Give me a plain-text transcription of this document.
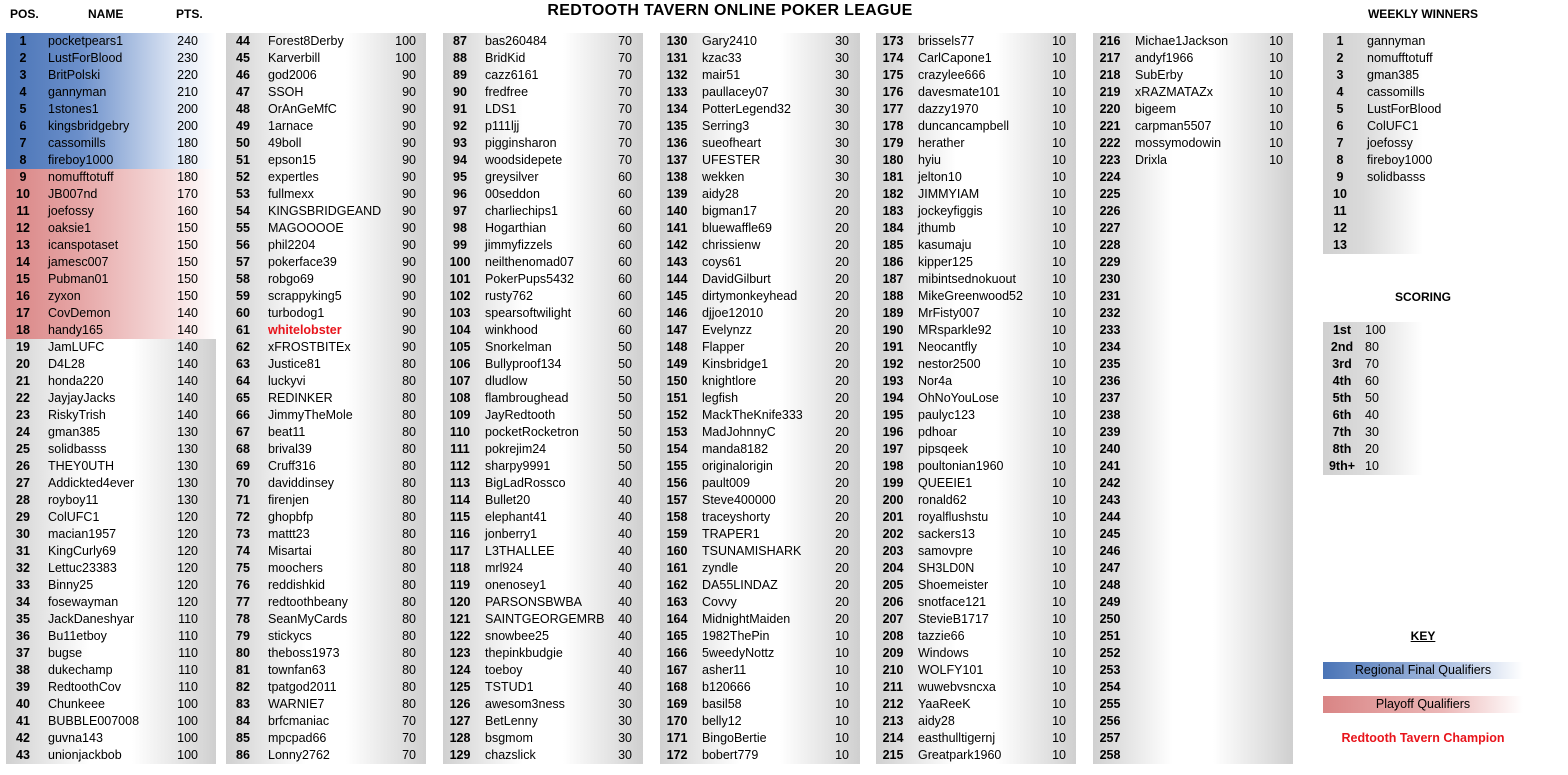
REDTOOTH TAVERN ONLINE POKER LEAGUE
POS.	NAME	PTS.
1	pocketpears1	240
2	LustForBlood	230
3	BritPolski	220
4	gannyman	210
5	1stones1	200
6	kingsbridgebry	200
7	cassomills	180
8	fireboy1000	180
9	nomufftotuff	180
10	JB007nd	170
11	joefossy	160
12	oaksie1	150
13	icanspotaset	150
14	jamesc007	150
15	Pubman01	150
16	zyxon	150
17	CovDemon	140
18	handy165	140
19	JamLUFC	140
20	D4L28	140
21	honda220	140
22	JayjayJacks	140
23	RiskyTrish	140
24	gman385	130
25	solidbasss	130
26	THEY0UTH	130
27	Addickted4ever	130
28	royboy11	130
29	ColUFC1	120
30	macian1957	120
31	KingCurly69	120
32	Lettuc23383	120
33	Binny25	120
34	fosewayman	120
35	JackDaneshyar	110
36	Bu11etboy	110
37	bugse	110
38	dukechamp	110
39	RedtoothCov	110
40	Chunkeee	100
41	BUBBLE007008	100
42	guvna143	100
43	unionjackbob	100
44	Forest8Derby	100
45	Karverbill	100
46	god2006	90
47	SSOH	90
48	OrAnGeMfC	90
49	1arnace	90
50	49boll	90
51	epson15	90
52	expertles	90
53	fullmexx	90
54	KINGSBRIDGEAND	90
55	MAGOOOOE	90
56	phil2204	90
57	pokerface39	90
58	robgo69	90
59	scrappyking5	90
60	turbodog1	90
61	whitelobster	90
62	xFROSTBITEx	90
63	Justice81	80
64	luckyvi	80
65	REDINKER	80
66	JimmyTheMole	80
67	beat11	80
68	brival39	80
69	Cruff316	80
70	daviddinsey	80
71	firenjen	80
72	ghopbfp	80
73	mattt23	80
74	Misartai	80
75	moochers	80
76	reddishkid	80
77	redtoothbeany	80
78	SeanMyCards	80
79	stickycs	80
80	theboss1973	80
81	townfan63	80
82	tpatgod2011	80
83	WARNIE7	80
84	brfcmaniac	70
85	mpcpad66	70
86	Lonny2762	70
87	bas260484	70
88	BridKid	70
89	cazz6161	70
90	fredfree	70
91	LDS1	70
92	p111ljj	70
93	pigginsharon	70
94	woodsidepete	70
95	greysilver	60
96	00seddon	60
97	charliechips1	60
98	Hogarthian	60
99	jimmyfizzels	60
100	neilthenomad07	60
101	PokerPups5432	60
102	rusty762	60
103	spearsoftwilight	60
104	winkhood	60
105	Snorkelman	50
106	Bullyproof134	50
107	dludlow	50
108	flambroughead	50
109	JayRedtooth	50
110	pocketRocketron	50
111	pokrejim24	50
112	sharpy9991	50
113	BigLadRossco	40
114	Bullet20	40
115	elephant41	40
116	jonberry1	40
117	L3THALLEE	40
118	mrl924	40
119	onenosey1	40
120	PARSONSBWBA	40
121	SAINTGEORGEMRB	40
122	snowbee25	40
123	thepinkbudgie	40
124	toeboy	40
125	TSTUD1	40
126	awesom3ness	30
127	BetLenny	30
128	bsgmom	30
129	chazslick	30
130	Gary2410	30
131	kzac33	30
132	mair51	30
133	paullacey07	30
134	PotterLegend32	30
135	Serring3	30
136	sueofheart	30
137	UFESTER	30
138	wekken	30
139	aidy28	20
140	bigman17	20
141	bluewaffle69	20
142	chrissienw	20
143	coys61	20
144	DavidGilburt	20
145	dirtymonkeyhead	20
146	djjoe12010	20
147	Evelynzz	20
148	Flapper	20
149	Kinsbridge1	20
150	knightlore	20
151	legfish	20
152	MackTheKnife333	20
153	MadJohnnyC	20
154	manda8182	20
155	originalorigin	20
156	pault009	20
157	Steve400000	20
158	traceyshorty	20
159	TRAPER1	20
160	TSUNAMISHARK	20
161	zyndle	20
162	DA55LINDAZ	20
163	Covvy	20
164	MidnightMaiden	20
165	1982ThePin	10
166	5weedyNottz	10
167	asher11	10
168	b120666	10
169	basil58	10
170	belly12	10
171	BingoBertie	10
172	bobert779	10
173	brissels77	10
174	CarlCapone1	10
175	crazylee666	10
176	davesmate101	10
177	dazzy1970	10
178	duncancampbell	10
179	herather	10
180	hyiu	10
181	jelton10	10
182	JIMMYIAM	10
183	jockeyfiggis	10
184	jthumb	10
185	kasumaju	10
186	kipper125	10
187	mibintsednokuout	10
188	MikeGreenwood52	10
189	MrFisty007	10
190	MRsparkle92	10
191	Neocantfly	10
192	nestor2500	10
193	Nor4a	10
194	OhNoYouLose	10
195	paulyc123	10
196	pdhoar	10
197	pipsqeek	10
198	poultonian1960	10
199	QUEEIE1	10
200	ronald62	10
201	royalflushstu	10
202	sackers13	10
203	samovpre	10
204	SH3LD0N	10
205	Shoemeister	10
206	snotface121	10
207	StevieB1717	10
208	tazzie66	10
209	Windows	10
210	WOLFY101	10
211	wuwebvsncxa	10
212	YaaReeK	10
213	aidy28	10
214	easthulltigernj	10
215	Greatpark1960	10
216	Michae1Jackson	10
217	andyf1966	10
218	SubErby	10
219	xRAZMATAZx	10
220	bigeem	10
221	carpman5507	10
222	mossymodowin	10
223	Drixla	10
224
225
226
227
228
229
230
231
232
233
234
235
236
237
238
239
240
241
242
243
244
245
246
247
248
249
250
251
252
253
254
255
256
257
258
WEEKLY WINNERS
1	gannyman
2	nomufftotuff
3	gman385
4	cassomills
5	LustForBlood
6	ColUFC1
7	joefossy
8	fireboy1000
9	solidbasss
10
11
12
13
SCORING
1st	100
2nd 80
3rd	70
4th	60
5th	50
6th	40
7th	30
8th	20
9th+ 10
KEY
Regional Final Qualifiers
Playoff Qualifiers
Redtooth Tavern Champion
